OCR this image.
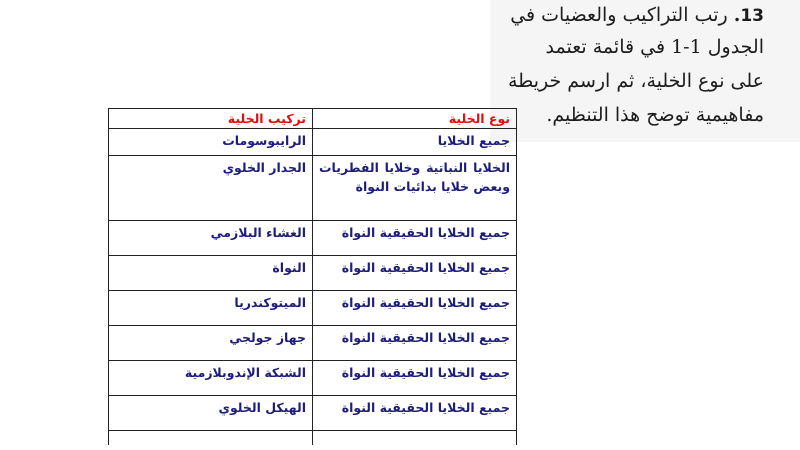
13. رتب التراكيب والعضيات في
الجدول 1-1 في قائمة تعتمد
على نوع الخلية، ثم ارسم خريطة
مفاهيمية توضح هذا التنظيم.
نوع الخلية	تركيب الخلية
جميع الخلايا	الرايبوسومات
الخلايا النباتية وخلايا الفطريات وبعض خلايا بدائيات النواة	الجدار الخلوي
جميع الخلايا الحقيقية النواة	الغشاء البلازمي
جميع الخلايا الحقيقية النواة	النواة
جميع الخلايا الحقيقية النواة	الميتوكندريا
جميع الخلايا الحقيقية النواة	جهاز جولجي
جميع الخلايا الحقيقية النواة	الشبكة الإندوبلازمية
جميع الخلايا الحقيقية النواة	الهيكل الخلوي
